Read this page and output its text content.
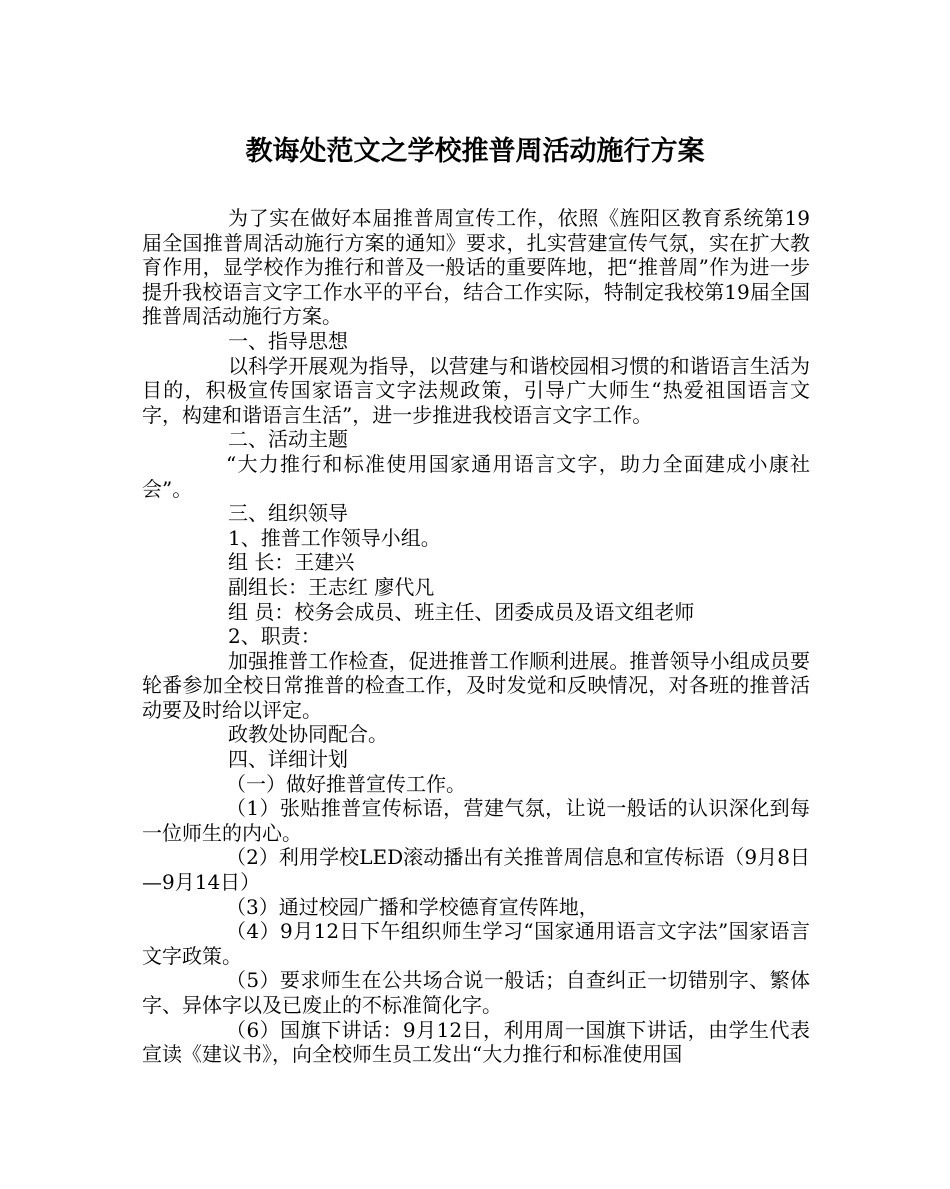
教诲处范文之学校推普周活动施行方案

为了实在做好本届推普周宣传工作，依照《旌阳区教育系统第19届全国推普周活动施行方案的通知》要求，扎实营建宣传气氛，实在扩大教育作用，显学校作为推行和普及一般话的重要阵地，把“推普周”作为进一步提升我校语言文字工作水平的平台，结合工作实际，特制定我校第19届全国推普周活动施行方案。

一、指导思想

以科学开展观为指导，以营建与和谐校园相习惯的和谐语言生活为目的，积极宣传国家语言文字法规政策，引导广大师生“热爱祖国语言文字，构建和谐语言生活”，进一步推进我校语言文字工作。

二、活动主题

“大力推行和标准使用国家通用语言文字，助力全面建成小康社会”。

三、组织领导

1、推普工作领导小组。

组 长：王建兴

副组长：王志红 廖代凡

组 员：校务会成员、班主任、团委成员及语文组老师

2、职责：

加强推普工作检查，促进推普工作顺利进展。推普领导小组成员要轮番参加全校日常推普的检查工作，及时发觉和反映情况，对各班的推普活动要及时给以评定。

政教处协同配合。

四、详细计划

（一）做好推普宣传工作。

（1）张贴推普宣传标语，营建气氛，让说一般话的认识深化到每一位师生的内心。

（2）利用学校LED滚动播出有关推普周信息和宣传标语（9月8日—9月14日）

（3）通过校园广播和学校德育宣传阵地，

（4）9月12日下午组织师生学习“国家通用语言文字法”国家语言文字政策。

（5）要求师生在公共场合说一般话；自查纠正一切错别字、繁体字、异体字以及已废止的不标准简化字。

（6）国旗下讲话：9月12日，利用周一国旗下讲话，由学生代表宣读《建议书》，向全校师生员工发出“大力推行和标准使用国
